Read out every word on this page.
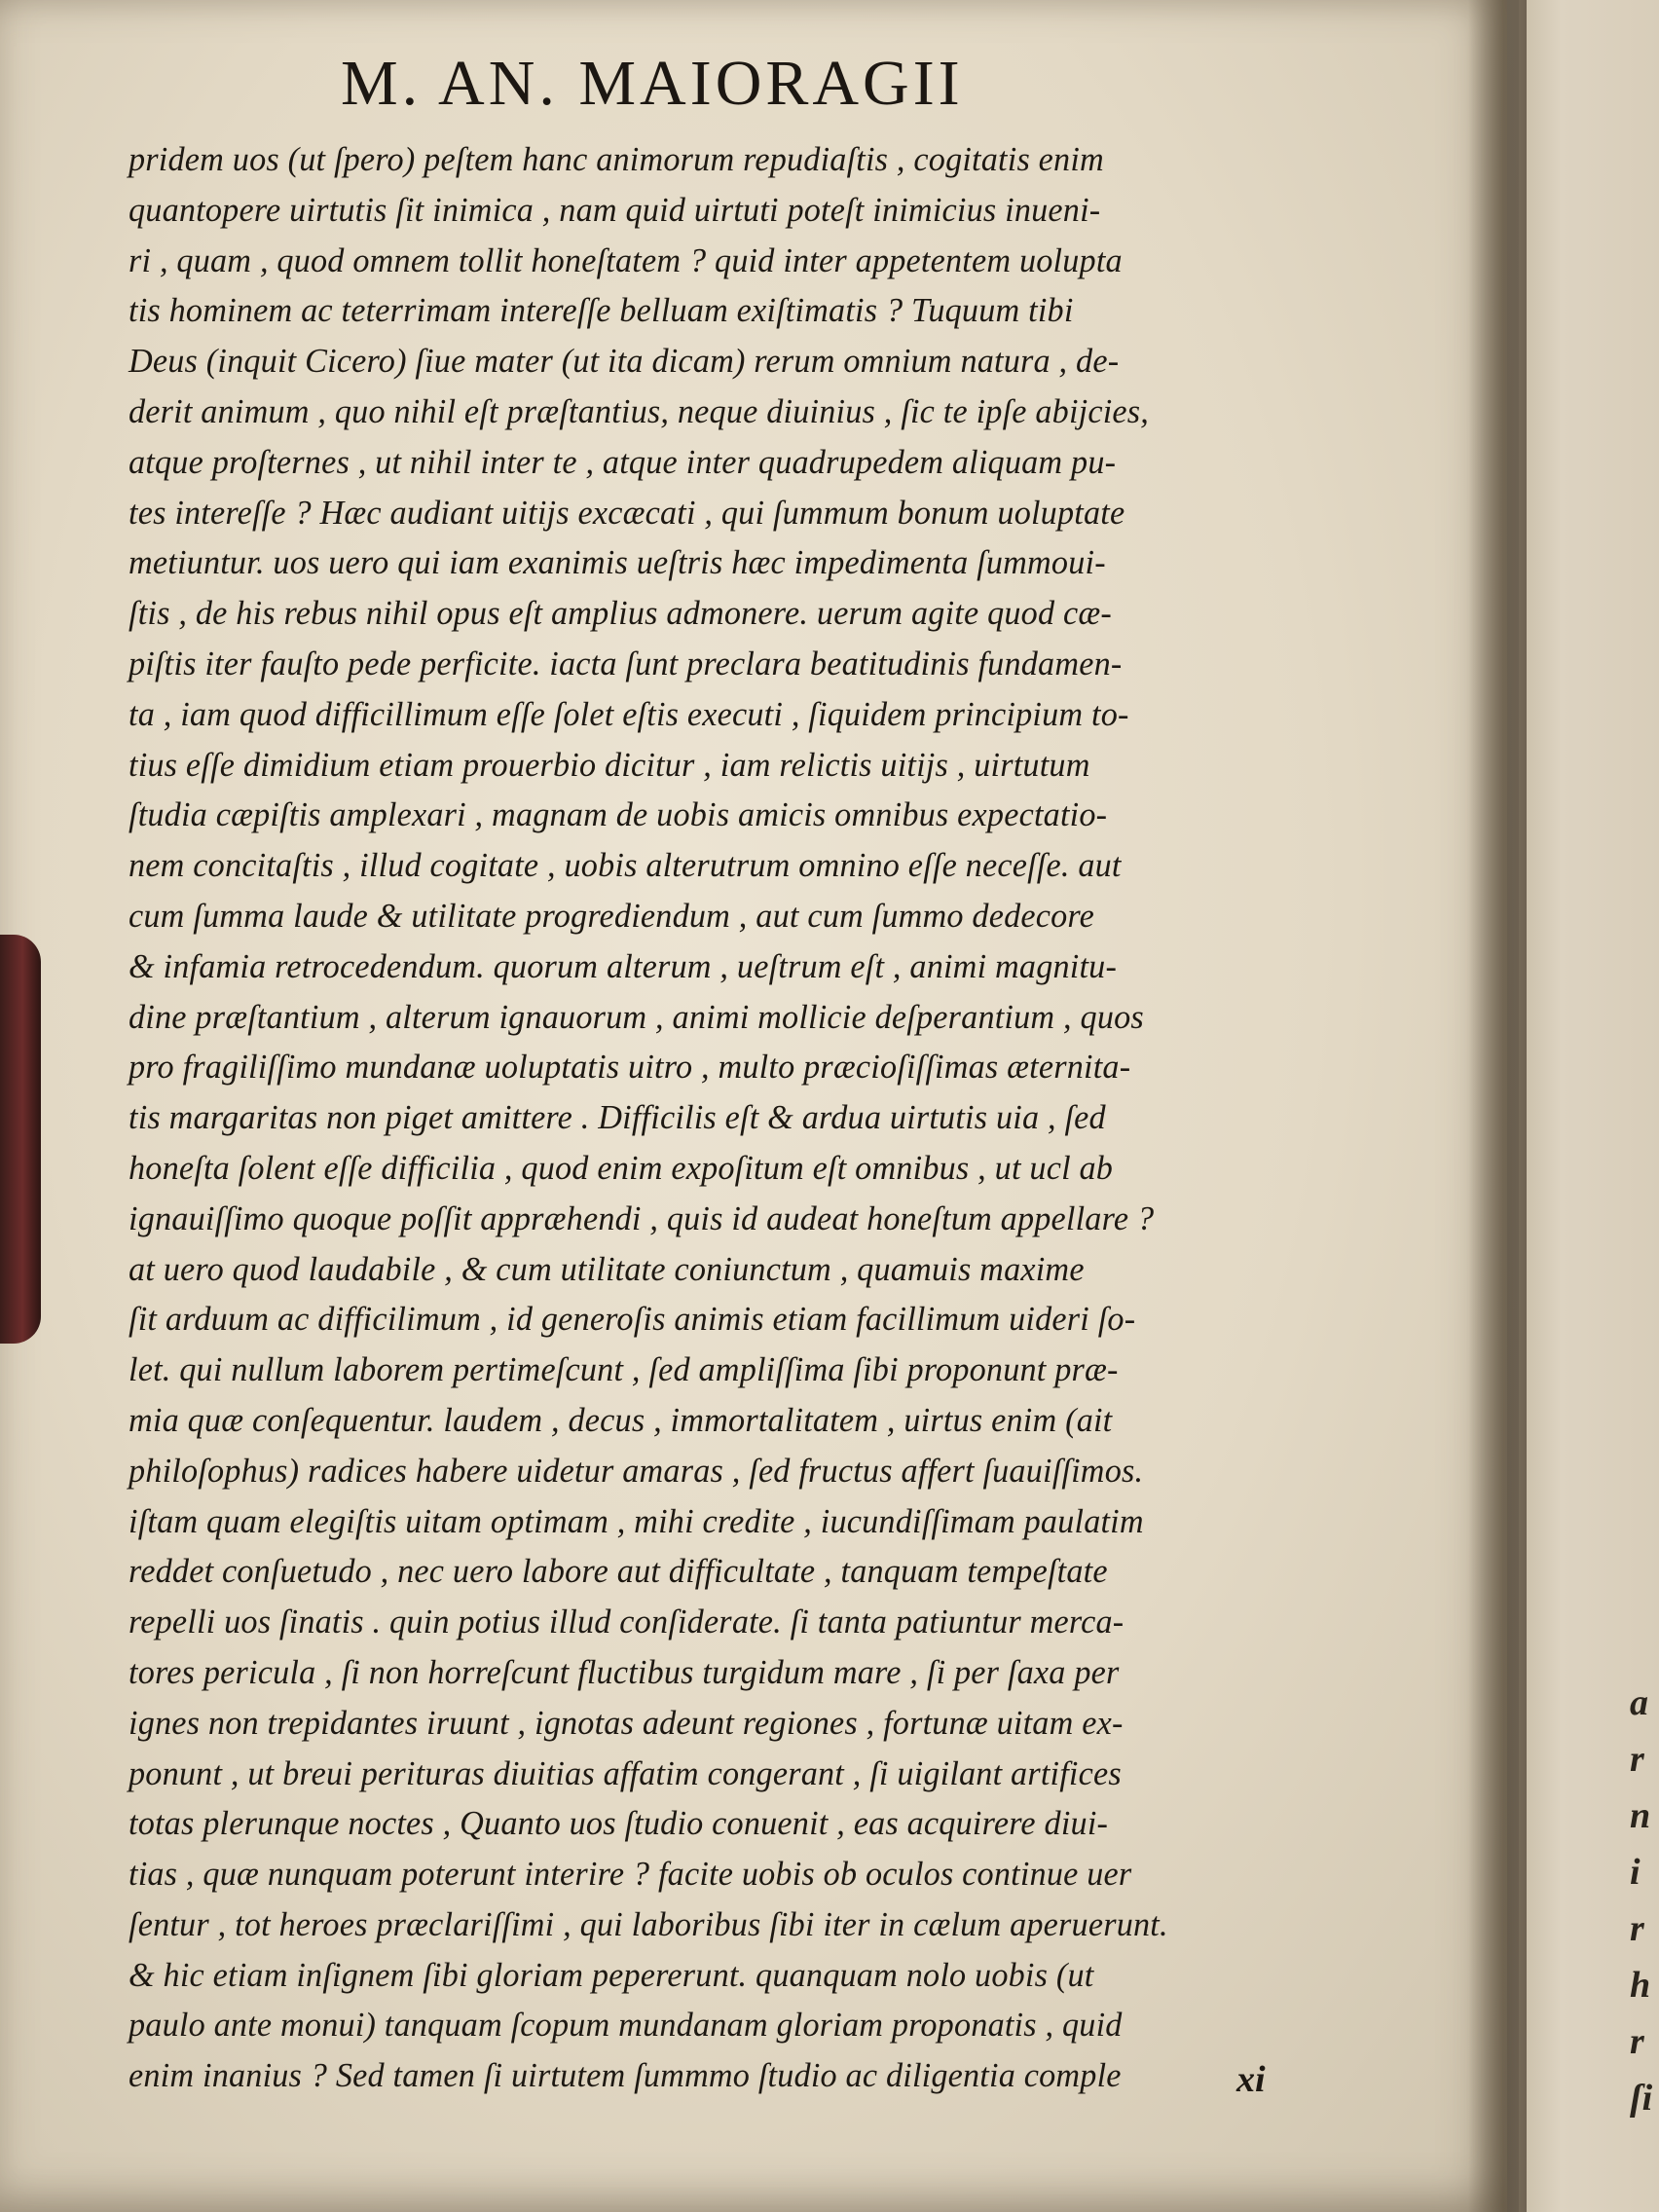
a
r
n
i
r
h
r
ſi
M. AN. MAIORAGII
pridem uos (ut ſpero) peſtem hanc animorum repudiaſtis , cogitatis enim
quantopere uirtutis ſit inimica , nam quid uirtuti poteſt inimicius inueni-
ri , quam , quod omnem tollit honeſtatem ? quid inter appetentem uolupta
tis hominem ac teterrimam intereſſe belluam exiſtimatis ? Tuquum tibi
Deus (inquit Cicero) ſiue mater (ut ita dicam) rerum omnium natura , de-
derit animum , quo nihil eſt præſtantius, neque diuinius , ſic te ipſe abijcies,
atque proſternes , ut nihil inter te , atque inter quadrupedem aliquam pu-
tes intereſſe ? Hæc audiant uitijs excæcati , qui ſummum bonum uoluptate
metiuntur. uos uero qui iam exanimis ueſtris hæc impedimenta ſummoui-
ſtis , de his rebus nihil opus eſt amplius admonere. uerum agite quod cæ-
piſtis iter fauſto pede perficite. iacta ſunt preclara beatitudinis fundamen-
ta , iam quod difficillimum eſſe ſolet eſtis executi , ſiquidem principium to-
tius eſſe dimidium etiam prouerbio dicitur , iam relictis uitijs , uirtutum
ſtudia cæpiſtis amplexari , magnam de uobis amicis omnibus expectatio-
nem concitaſtis , illud cogitate , uobis alterutrum omnino eſſe neceſſe. aut
cum ſumma laude & utilitate progrediendum , aut cum ſummo dedecore
& infamia retrocedendum. quorum alterum , ueſtrum eſt , animi magnitu-
dine præſtantium , alterum ignauorum , animi mollicie deſperantium , quos
pro fragiliſſimo mundanæ uoluptatis uitro , multo præcioſiſſimas æternita-
tis margaritas non piget amittere . Difficilis eſt & ardua uirtutis uia , ſed
honeſta ſolent eſſe difficilia , quod enim expoſitum eſt omnibus , ut ucl ab
ignauiſſimo quoque poſſit appræhendi , quis id audeat honeſtum appellare ?
at uero quod laudabile , & cum utilitate coniunctum , quamuis maxime
ſit arduum ac difficilimum , id generoſis animis etiam facillimum uideri ſo-
let. qui nullum laborem pertimeſcunt , ſed ampliſſima ſibi proponunt præ-
mia quæ conſequentur. laudem , decus , immortalitatem , uirtus enim (ait
philoſophus) radices habere uidetur amaras , ſed fructus affert ſuauiſſimos.
iſtam quam elegiſtis uitam optimam , mihi credite , iucundiſſimam paulatim
reddet conſuetudo , nec uero labore aut difficultate , tanquam tempeſtate
repelli uos ſinatis . quin potius illud conſiderate. ſi tanta patiuntur merca-
tores pericula , ſi non horreſcunt fluctibus turgidum mare , ſi per ſaxa per
ignes non trepidantes iruunt , ignotas adeunt regiones , fortunæ uitam ex-
ponunt , ut breui perituras diuitias affatim congerant , ſi uigilant artifices
totas plerunque noctes , Quanto uos ſtudio conuenit , eas acquirere diui-
tias , quæ nunquam poterunt interire ? facite uobis ob oculos continue uer
ſentur , tot heroes præclariſſimi , qui laboribus ſibi iter in cælum aperuerunt.
& hic etiam inſignem ſibi gloriam pepererunt. quanquam nolo uobis (ut
paulo ante monui) tanquam ſcopum mundanam gloriam proponatis , quid
enim inanius ? Sed tamen ſi uirtutem ſummmo ſtudio ac diligentia comple	xi
